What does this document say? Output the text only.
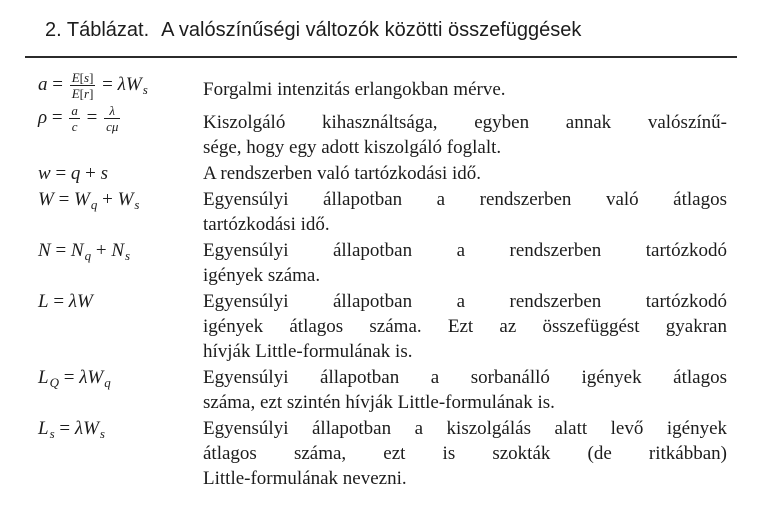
2. Táblázat. A valószínűségi változók közötti összefüggések
$a = \frac{E[s]}{E[r]} = \lambda W_s$	Forgalmi intenzitás erlangokban mérve.
$\rho = \frac{a}{c} = \frac{\lambda}{c\mu}$	Kiszolgáló kihasználtsága, egyben annak valószínű-
sége, hogy egy adott kiszolgáló foglalt.
w = q + s	A rendszerben való tartózkodási idő.
$W = W_q + W_s$	Egyensúlyi állapotban a rendszerben való átlagos
tartózkodási idő.
$N = N_q + N_s$	Egyensúlyi állapotban a rendszerben tartózkodó
igények száma.
L = λW	Egyensúlyi állapotban a rendszerben tartózkodó
igények átlagos száma. Ezt az összefüggést gyakran
hívják Little-formulának is.
$L_Q = \lambda W_q$	Egyensúlyi állapotban a sorbanálló igények átlagos
száma, ezt szintén hívják Little-formulának is.
$L_s = \lambda W_s$	Egyensúlyi állapotban a kiszolgálás alatt levő igények
átlagos száma, ezt is szokták (de ritkábban)
Little-formulának nevezni.
